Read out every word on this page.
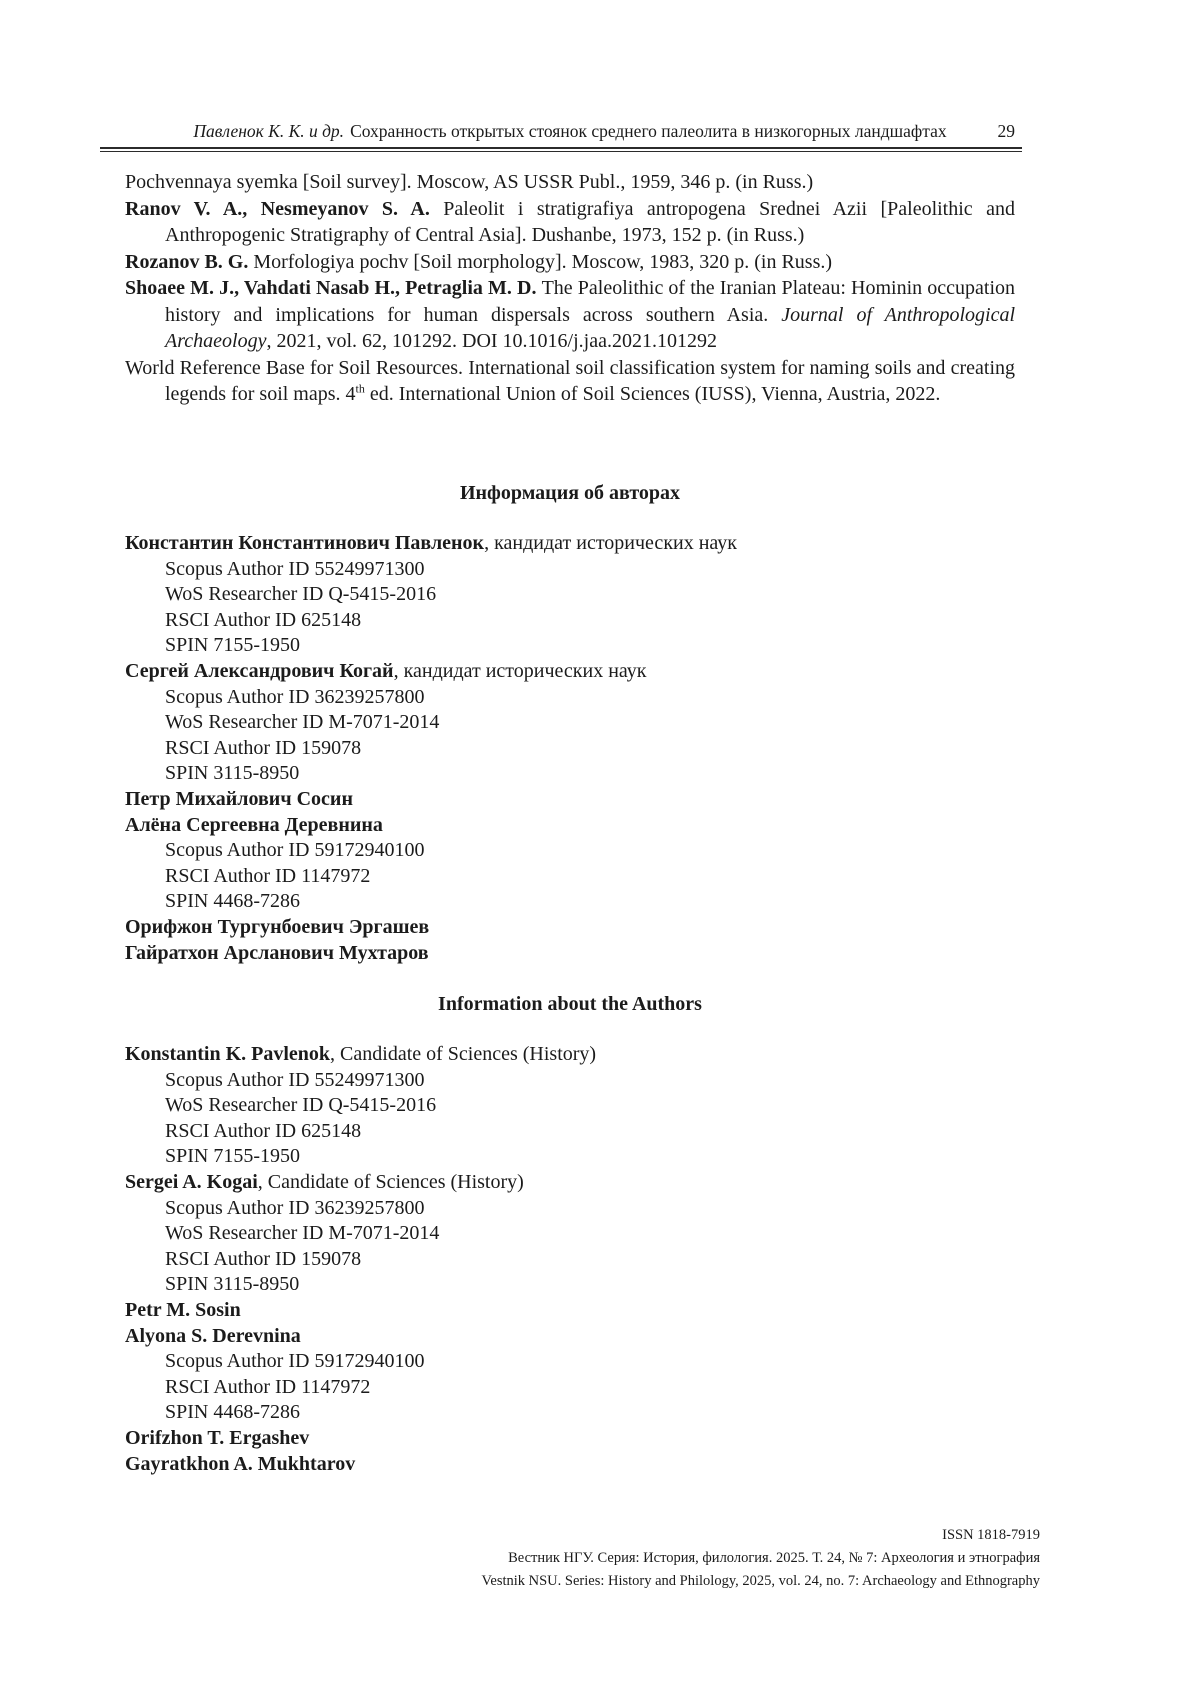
Павленок К. К. и др. Сохранность открытых стоянок среднего палеолита в низкогорных ландшафтах	29

Pochvennaya syemka [Soil survey]. Moscow, AS USSR Publ., 1959, 346 p. (in Russ.)

Ranov V. A., Nesmeyanov S. A. Paleolit i stratigrafiya antropogena Srednei Azii [Paleolithic and Anthropogenic Stratigraphy of Central Asia]. Dushanbe, 1973, 152 p. (in Russ.)

Rozanov B. G. Morfologiya pochv [Soil morphology]. Moscow, 1983, 320 p. (in Russ.)

Shoaee M. J., Vahdati Nasab H., Petraglia M. D. The Paleolithic of the Iranian Plateau: Hominin occupation history and implications for human dispersals across southern Asia. Journal of Anthropological Archaeology, 2021, vol. 62, 101292. DOI 10.1016/j.jaa.2021.101292

World Reference Base for Soil Resources. International soil classification system for naming soils and creating legends for soil maps. 4th ed. International Union of Soil Sciences (IUSS), Vienna, Austria, 2022.

Информация об авторах

Константин Константинович Павленок, кандидат исторических наук

Scopus Author ID 55249971300

WoS Researcher ID Q-5415-2016

RSCI Author ID 625148

SPIN 7155-1950

Сергей Александрович Когай, кандидат исторических наук

Scopus Author ID 36239257800

WoS Researcher ID M-7071-2014

RSCI Author ID 159078

SPIN 3115-8950

Петр Михайлович Сосин

Алёна Сергеевна Деревнина

Scopus Author ID 59172940100

RSCI Author ID 1147972

SPIN 4468-7286

Орифжон Тургунбоевич Эргашев

Гайратхон Арсланович Мухтаров

Information about the Authors

Konstantin K. Pavlenok, Candidate of Sciences (History)

Scopus Author ID 55249971300

WoS Researcher ID Q-5415-2016

RSCI Author ID 625148

SPIN 7155-1950

Sergei A. Kogai, Candidate of Sciences (History)

Scopus Author ID 36239257800

WoS Researcher ID M-7071-2014

RSCI Author ID 159078

SPIN 3115-8950

Petr M. Sosin

Alyona S. Derevnina

Scopus Author ID 59172940100

RSCI Author ID 1147972

SPIN 4468-7286

Orifzhon T. Ergashev

Gayratkhon A. Mukhtarov

ISSN 1818-7919

Вестник НГУ. Серия: История, филология. 2025. Т. 24, № 7: Археология и этнография

Vestnik NSU. Series: History and Philology, 2025, vol. 24, no. 7: Archaeology and Ethnography
